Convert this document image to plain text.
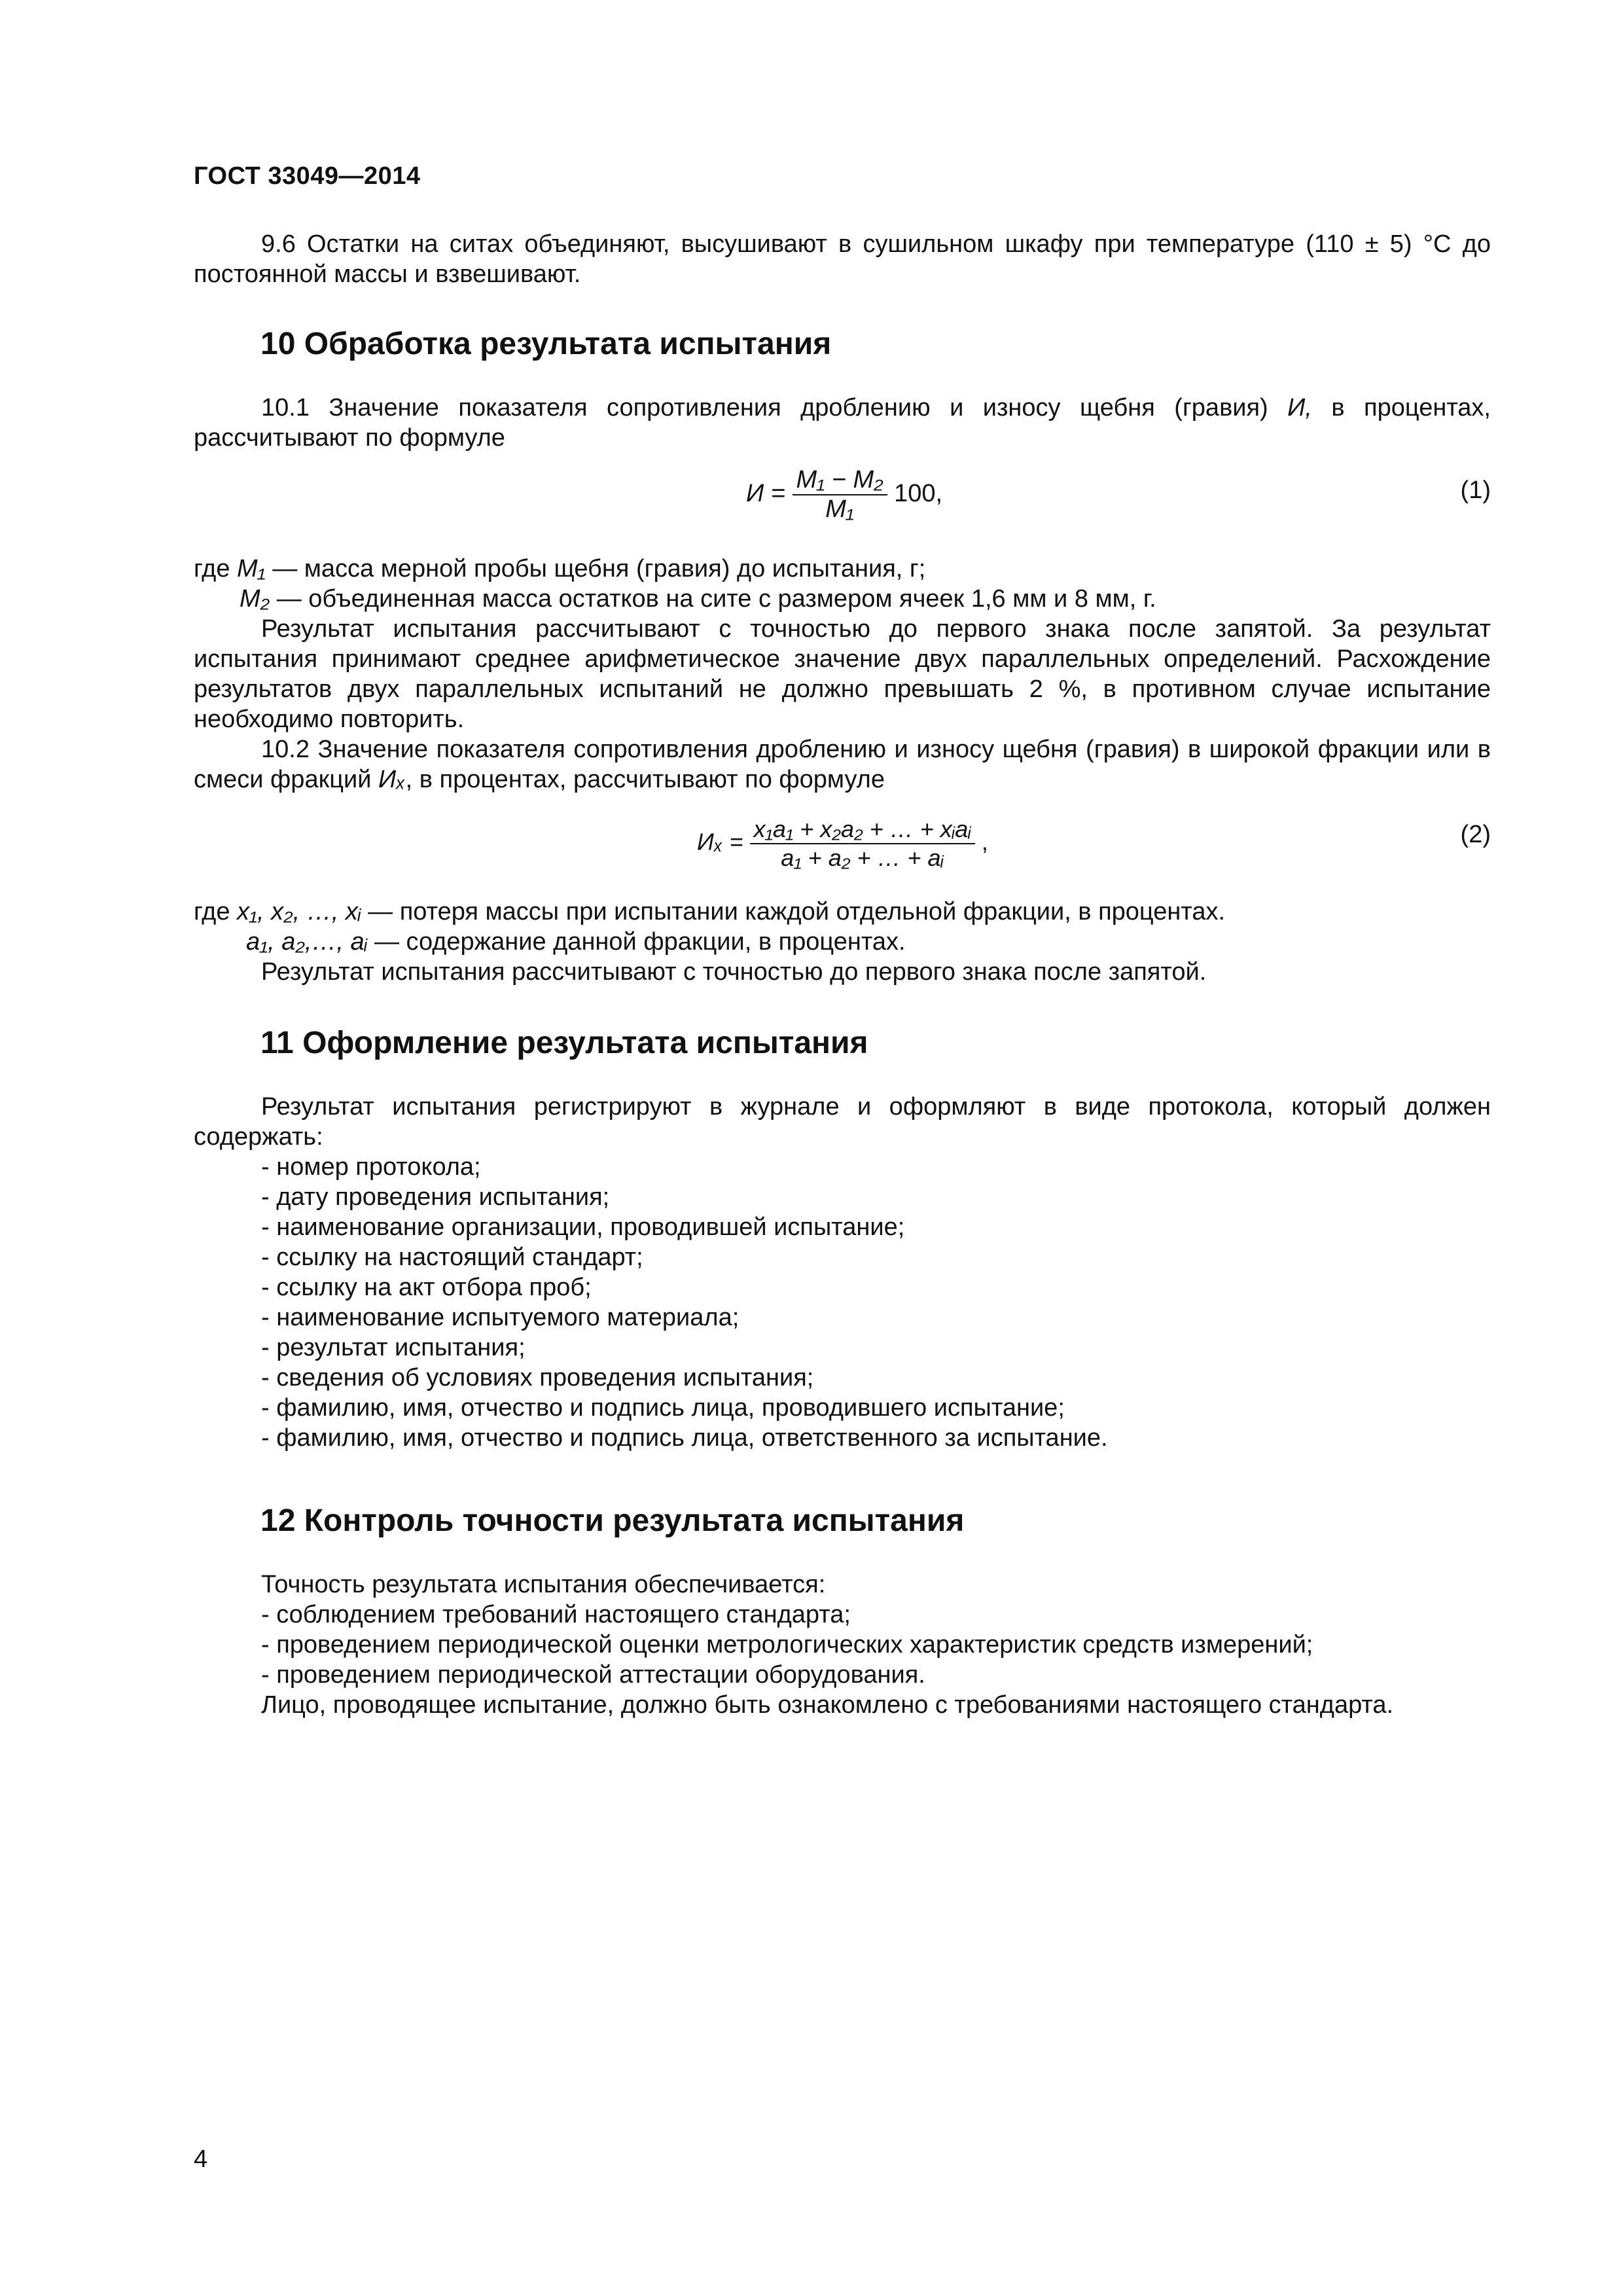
ГОСТ 33049—2014

9.6 Остатки на ситах объединяют, высушивают в сушильном шкафу при температуре (110 ± 5) °С до постоянной массы и взвешивают.

10 Обработка результата испытания

10.1 Значение показателя сопротивления дроблению и износу щебня (гравия) И, в процентах, рассчитывают по формуле

$И = \frac{\text{M₁ − M₂}}{\text{M₁}} 100$,	(1)

где M₁ — масса мерной пробы щебня (гравия) до испытания, г;

M₂ — объединенная масса остатков на сите с размером ячеек 1,6 мм и 8 мм, г.

Результат испытания рассчитывают с точностью до первого знака после запятой. За результат испытания принимают среднее арифметическое значение двух параллельных определений. Расхождение результатов двух параллельных испытаний не должно превышать 2 %, в противном случае испытание необходимо повторить.

10.2 Значение показателя сопротивления дроблению и износу щебня (гравия) в широкой фракции или в смеси фракций Иₓ, в процентах, рассчитывают по формуле

$И_x = \frac{\text{x₁a₁ + x₂a₂ + … + xᵢaᵢ}}{\text{a₁ + a₂ + … + aᵢ}}$ ,	(2)

где x₁, x₂, …, xᵢ — потеря массы при испытании каждой отдельной фракции, в процентах.

a₁, a₂,…, aᵢ — содержание данной фракции, в процентах.

Результат испытания рассчитывают с точностью до первого знака после запятой.

11 Оформление результата испытания

Результат испытания регистрируют в журнале и оформляют в виде протокола, который должен содержать:

- номер протокола;
- дату проведения испытания;
- наименование организации, проводившей испытание;
- ссылку на настоящий стандарт;
- ссылку на акт отбора проб;
- наименование испытуемого материала;
- результат испытания;
- сведения об условиях проведения испытания;
- фамилию, имя, отчество и подпись лица, проводившего испытание;
- фамилию, имя, отчество и подпись лица, ответственного за испытание.
12 Контроль точности результата испытания

Точность результата испытания обеспечивается:

- соблюдением требований настоящего стандарта;
- проведением периодической оценки метрологических характеристик средств измерений;
- проведением периодической аттестации оборудования.

Лицо, проводящее испытание, должно быть ознакомлено с требованиями настоящего стандарта.

4
